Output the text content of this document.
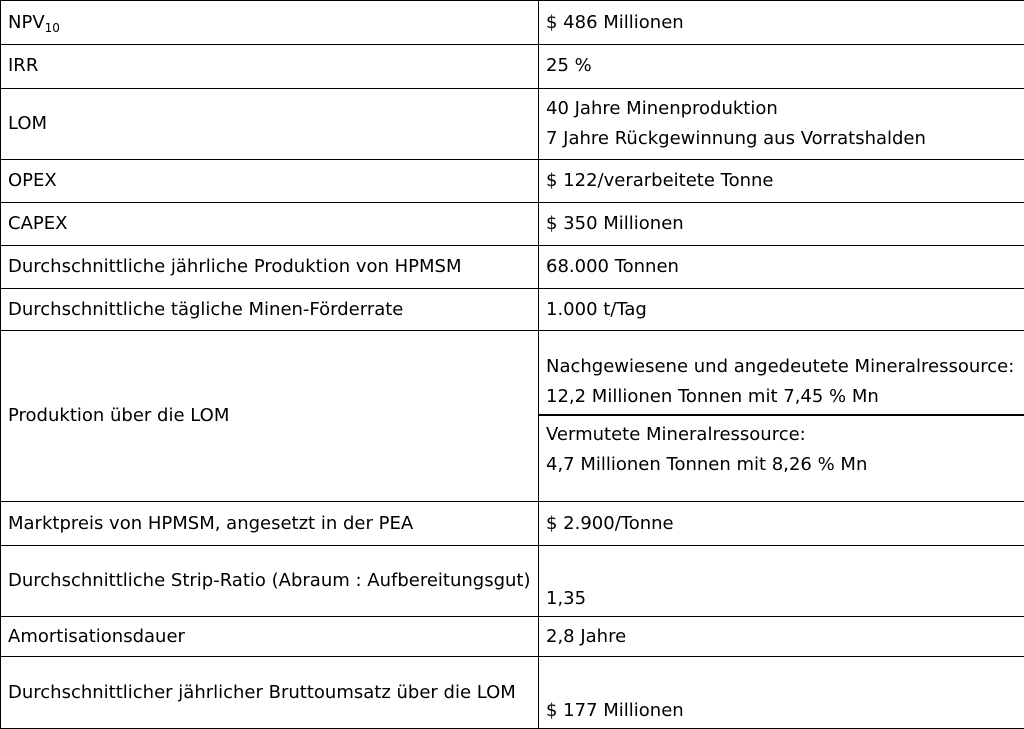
$NPV_{10}$	$ 486 Millionen
IRR	25 %
LOM	40 Jahre Minenproduktion
7 Jahre Rückgewinnung aus Vorratshalden

OPEX	$ 122/verarbeitete Tonne
CAPEX	$ 350 Millionen
Durchschnittliche jährliche Produktion von HPMSM	68.000 Tonnen
Durchschnittliche tägliche Minen-Förderrate	1.000 t/Tag
Produktion über die LOM	Nachgewiesene und angedeutete Mineralressource:
12,2 Millionen Tonnen mit 7,45 % Mn
Vermutete Mineralressource:
4,7 Millionen Tonnen mit 8,26 % Mn

Marktpreis von HPMSM, angesetzt in der PEA	$ 2.900/Tonne
Durchschnittliche Strip-Ratio (Abraum : Aufbereitungsgut)	1,35
Amortisationsdauer	2,8 Jahre
Durchschnittlicher jährlicher Bruttoumsatz über die LOM	$ 177 Millionen
